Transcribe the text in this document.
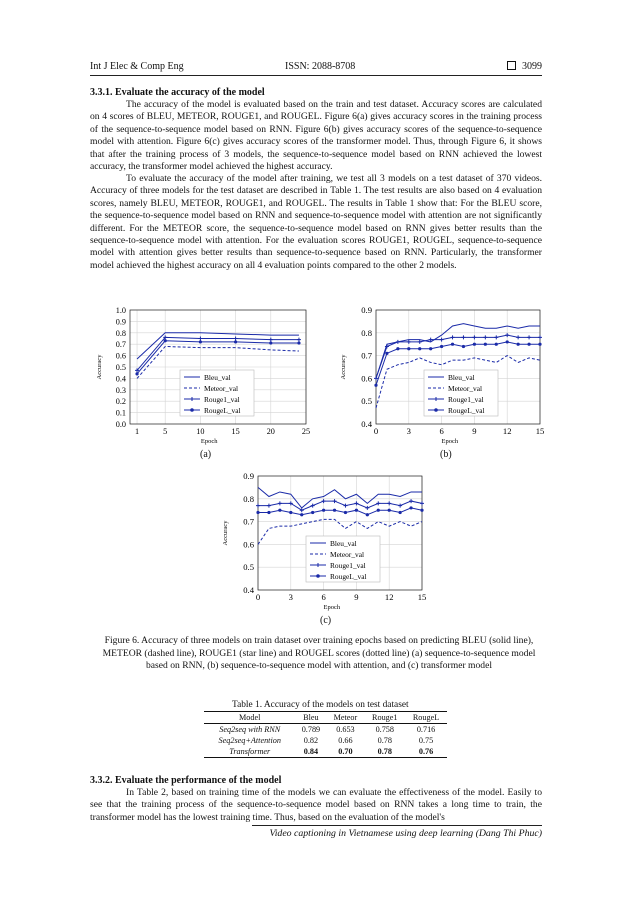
Int J Elec & Comp Eng	ISSN: 2088-8708	3099
3.3.1. Evaluate the accuracy of the model

The accuracy of the model is evaluated based on the train and test dataset. Accuracy scores are calculated on 4 scores of BLEU, METEOR, ROUGE1, and ROUGEL. Figure 6(a) gives accuracy scores in the training process of the sequence-to-sequence model based on RNN. Figure 6(b) gives accuracy scores of the sequence-to-sequence model with attention. Figure 6(c) gives accuracy scores of the transformer model. Thus, through Figure 6, it shows that after the training process of 3 models, the sequence-to-sequence model based on RNN achieved the lowest accuracy, the transformer model achieved the highest accuracy.

To evaluate the accuracy of the model after training, we test all 3 models on a test dataset of 370 videos. Accuracy of three models for the test dataset are described in Table 1. The test results are also based on 4 evaluation scores, namely BLEU, METEOR, ROUGE1, and ROUGEL. The results in Table 1 show that: For the BLEU score, the sequence-to-sequence model based on RNN and sequence-to-sequence model with attention are not significantly different. For the METEOR score, the sequence-to-sequence model based on RNN gives better results than the sequence-to-sequence model with attention. For the evaluation scores ROUGE1, ROUGEL, sequence-to-sequence model with attention gives better results than sequence-to-sequence based on RNN. Particularly, the transformer model achieved the highest accuracy on all 4 evaluation points compared to the other 2 models.

0.0
0.1
0.2
0.3
0.4
0.5
0.6
0.7
0.8
0.9
1.0
1	5	10	15	20	25
Epoch
Accuracy	Bleu_val
Meteor_val
Rouge1_val
RougeL_val
(a)
0.4
0.5
0.6
0.7
0.8
0.9
0	3	6	9	12	15
Epoch
Accuracy	Bleu_val
Meteor_val
Rouge1_val
RougeL_val
(b)
0.4
0.5
0.6
0.7
0.8
0.9
0	3	6	9	12	15
Epoch
Accuracy	Bleu_val
Meteor_val
Rouge1_val
RougeL_val
(c)

Figure 6. Accuracy of three models on train dataset over training epochs based on predicting BLEU (solid line), METEOR (dashed line), ROUGE1 (star line) and ROUGEL scores (dotted line) (a) sequence-to-sequence model based on RNN, (b) sequence-to-sequence model with attention, and (c) transformer model

Table 1. Accuracy of the models on test dataset
Model	Bleu	Meteor	Rouge1	RougeL
Seq2seq with RNN	0.789	0.653	0.758	0.716
Seq2seq+Attention	0.82	0.66	0.78	0.75
Transformer	0.84	0.70	0.78	0.76
3.3.2. Evaluate the performance of the model

In Table 2, based on training time of the models we can evaluate the effectiveness of the model. Easily to see that the training process of the sequence-to-sequence model based on RNN takes a long time to train, the transformer model has the lowest training time. Thus, based on the evaluation of the model's

Video captioning in Vietnamese using deep learning (Dang Thi Phuc)
